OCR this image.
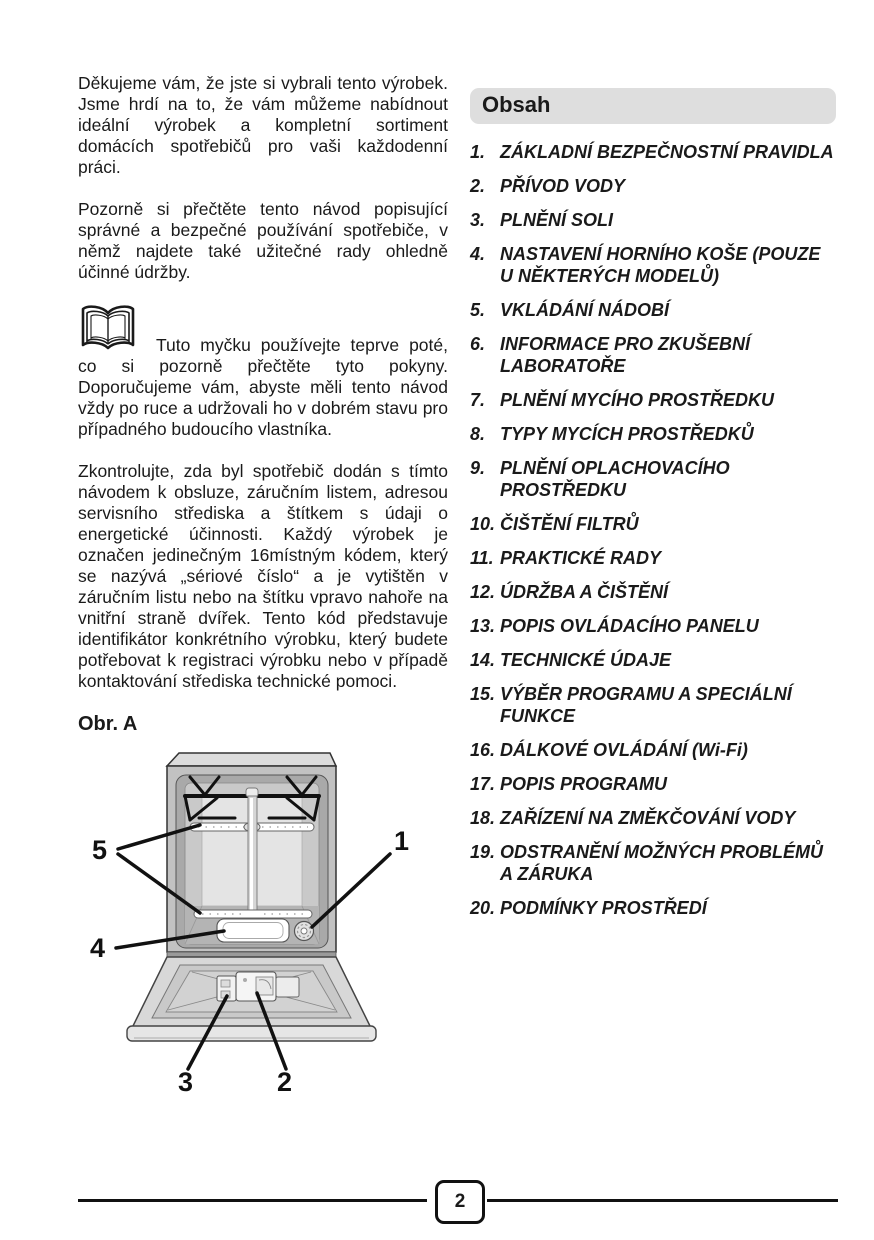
Děkujeme vám, že jste si vybrali tento výrobek. Jsme hrdí na to, že vám můžeme nabídnout ideální výrobek a kompletní sortiment domácích spotřebičů pro vaši každodenní práci.

Pozorně si přečtěte tento návod popisující správné a bezpečné používání spotřebiče, v němž najdete také užitečné rady ohledně účinné údržby.

Tuto myčku používejte teprve poté, co si pozorně přečtěte tyto pokyny. Doporučujeme vám, abyste měli tento návod vždy po ruce a udržovali ho v dobrém stavu pro případného budoucího vlastníka.

Zkontrolujte, zda byl spotřebič dodán s tímto návodem k obsluze, záručním listem, adresou servisního střediska a štítkem s údaji o energetické účinnosti. Každý výrobek je označen jedinečným 16místným kódem, který se nazývá „sériové číslo“ a je vytištěn v záručním listu nebo na štítku vpravo nahoře na vnitřní straně dvířek. Tento kód představuje identifikátor konkrétního výrobku, který budete potřebovat k registraci výrobku nebo v případě kontaktování střediska technické pomoci.

Obr. A
5
4
1
3	2
Obsah
1. ZÁKLADNÍ BEZPEČNOSTNÍ PRAVIDLA
2. PŘÍVOD VODY
3. PLNĚNÍ SOLI
4. NASTAVENÍ HORNÍHO KOŠE (POUZE U NĚKTERÝCH MODELŮ)
5. VKLÁDÁNÍ NÁDOBÍ
6. INFORMACE PRO ZKUŠEBNÍ LABORATOŘE
7. PLNĚNÍ MYCÍHO PROSTŘEDKU
8. TYPY MYCÍCH PROSTŘEDKŮ
9. PLNĚNÍ OPLACHOVACÍHO PROSTŘEDKU
10. ČIŠTĚNÍ FILTRŮ
11. PRAKTICKÉ RADY
12. ÚDRŽBA A ČIŠTĚNÍ
13. POPIS OVLÁDACÍHO PANELU
14. TECHNICKÉ ÚDAJE
15. VÝBĚR PROGRAMU A SPECIÁLNÍ FUNKCE
16. DÁLKOVÉ OVLÁDÁNÍ (Wi-Fi)
17. POPIS PROGRAMU
18. ZAŘÍZENÍ NA ZMĚKČOVÁNÍ VODY
19. ODSTRANĚNÍ MOŽNÝCH PROBLÉMŮ A ZÁRUKA
20. PODMÍNKY PROSTŘEDÍ
2
